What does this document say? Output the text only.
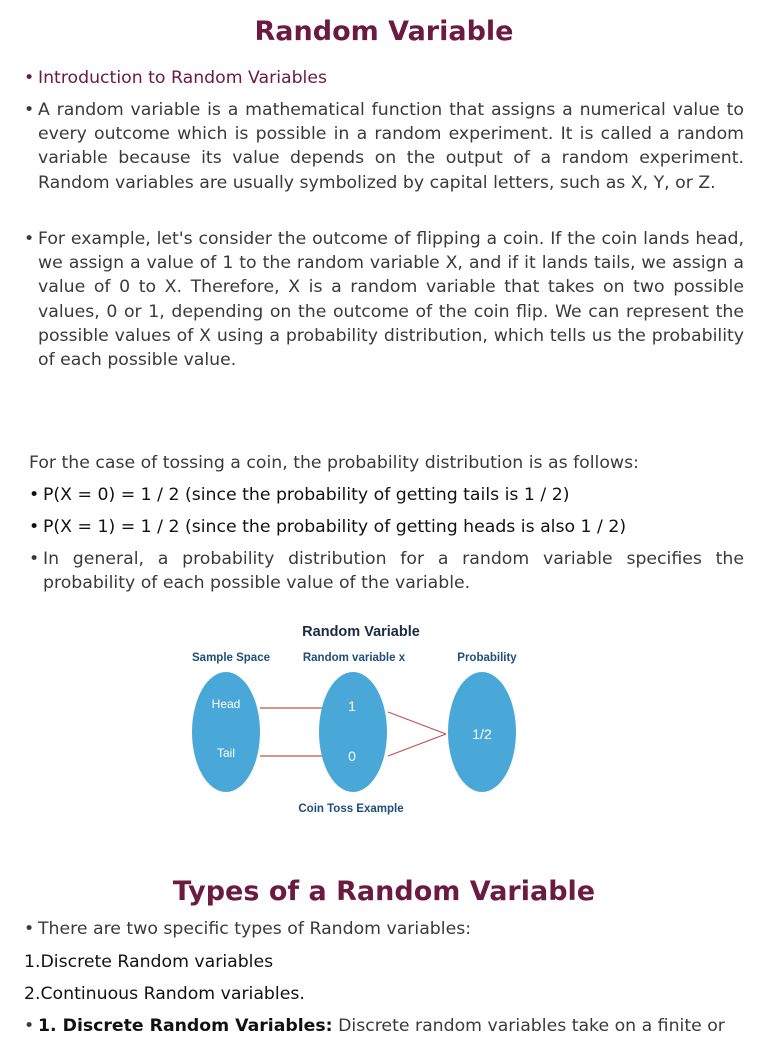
Random Variable

• Introduction to Random Variables

• A random variable is a mathematical function that assigns a numerical value to every outcome which is possible in a random experiment. It is called a random variable because its value depends on the output of a random experiment. Random variables are usually symbolized by capital letters, such as X, Y, or Z.

• For example, let's consider the outcome of flipping a coin. If the coin lands head, we assign a value of 1 to the random variable X, and if it lands tails, we assign a value of 0 to X. Therefore, X is a random variable that takes on two possible values, 0 or 1, depending on the outcome of the coin flip. We can represent the possible values of X using a probability distribution, which tells us the probability of each possible value.

For the case of tossing a coin, the probability distribution is as follows:

• P(X = 0) = 1 / 2 (since the probability of getting tails is 1 / 2)

• P(X = 1) = 1 / 2 (since the probability of getting heads is also 1 / 2)

• In general, a probability distribution for a random variable specifies the probability of each possible value of the variable.

Random Variable
Sample Space	Random variable x	Probability
Head
Tail
1
0
1/2
Coin Toss Example
Types of a Random Variable

• There are two specific types of Random variables:

1.Discrete Random variables

2.Continuous Random variables.

• 1. Discrete Random Variables: Discrete random variables take on a finite or
